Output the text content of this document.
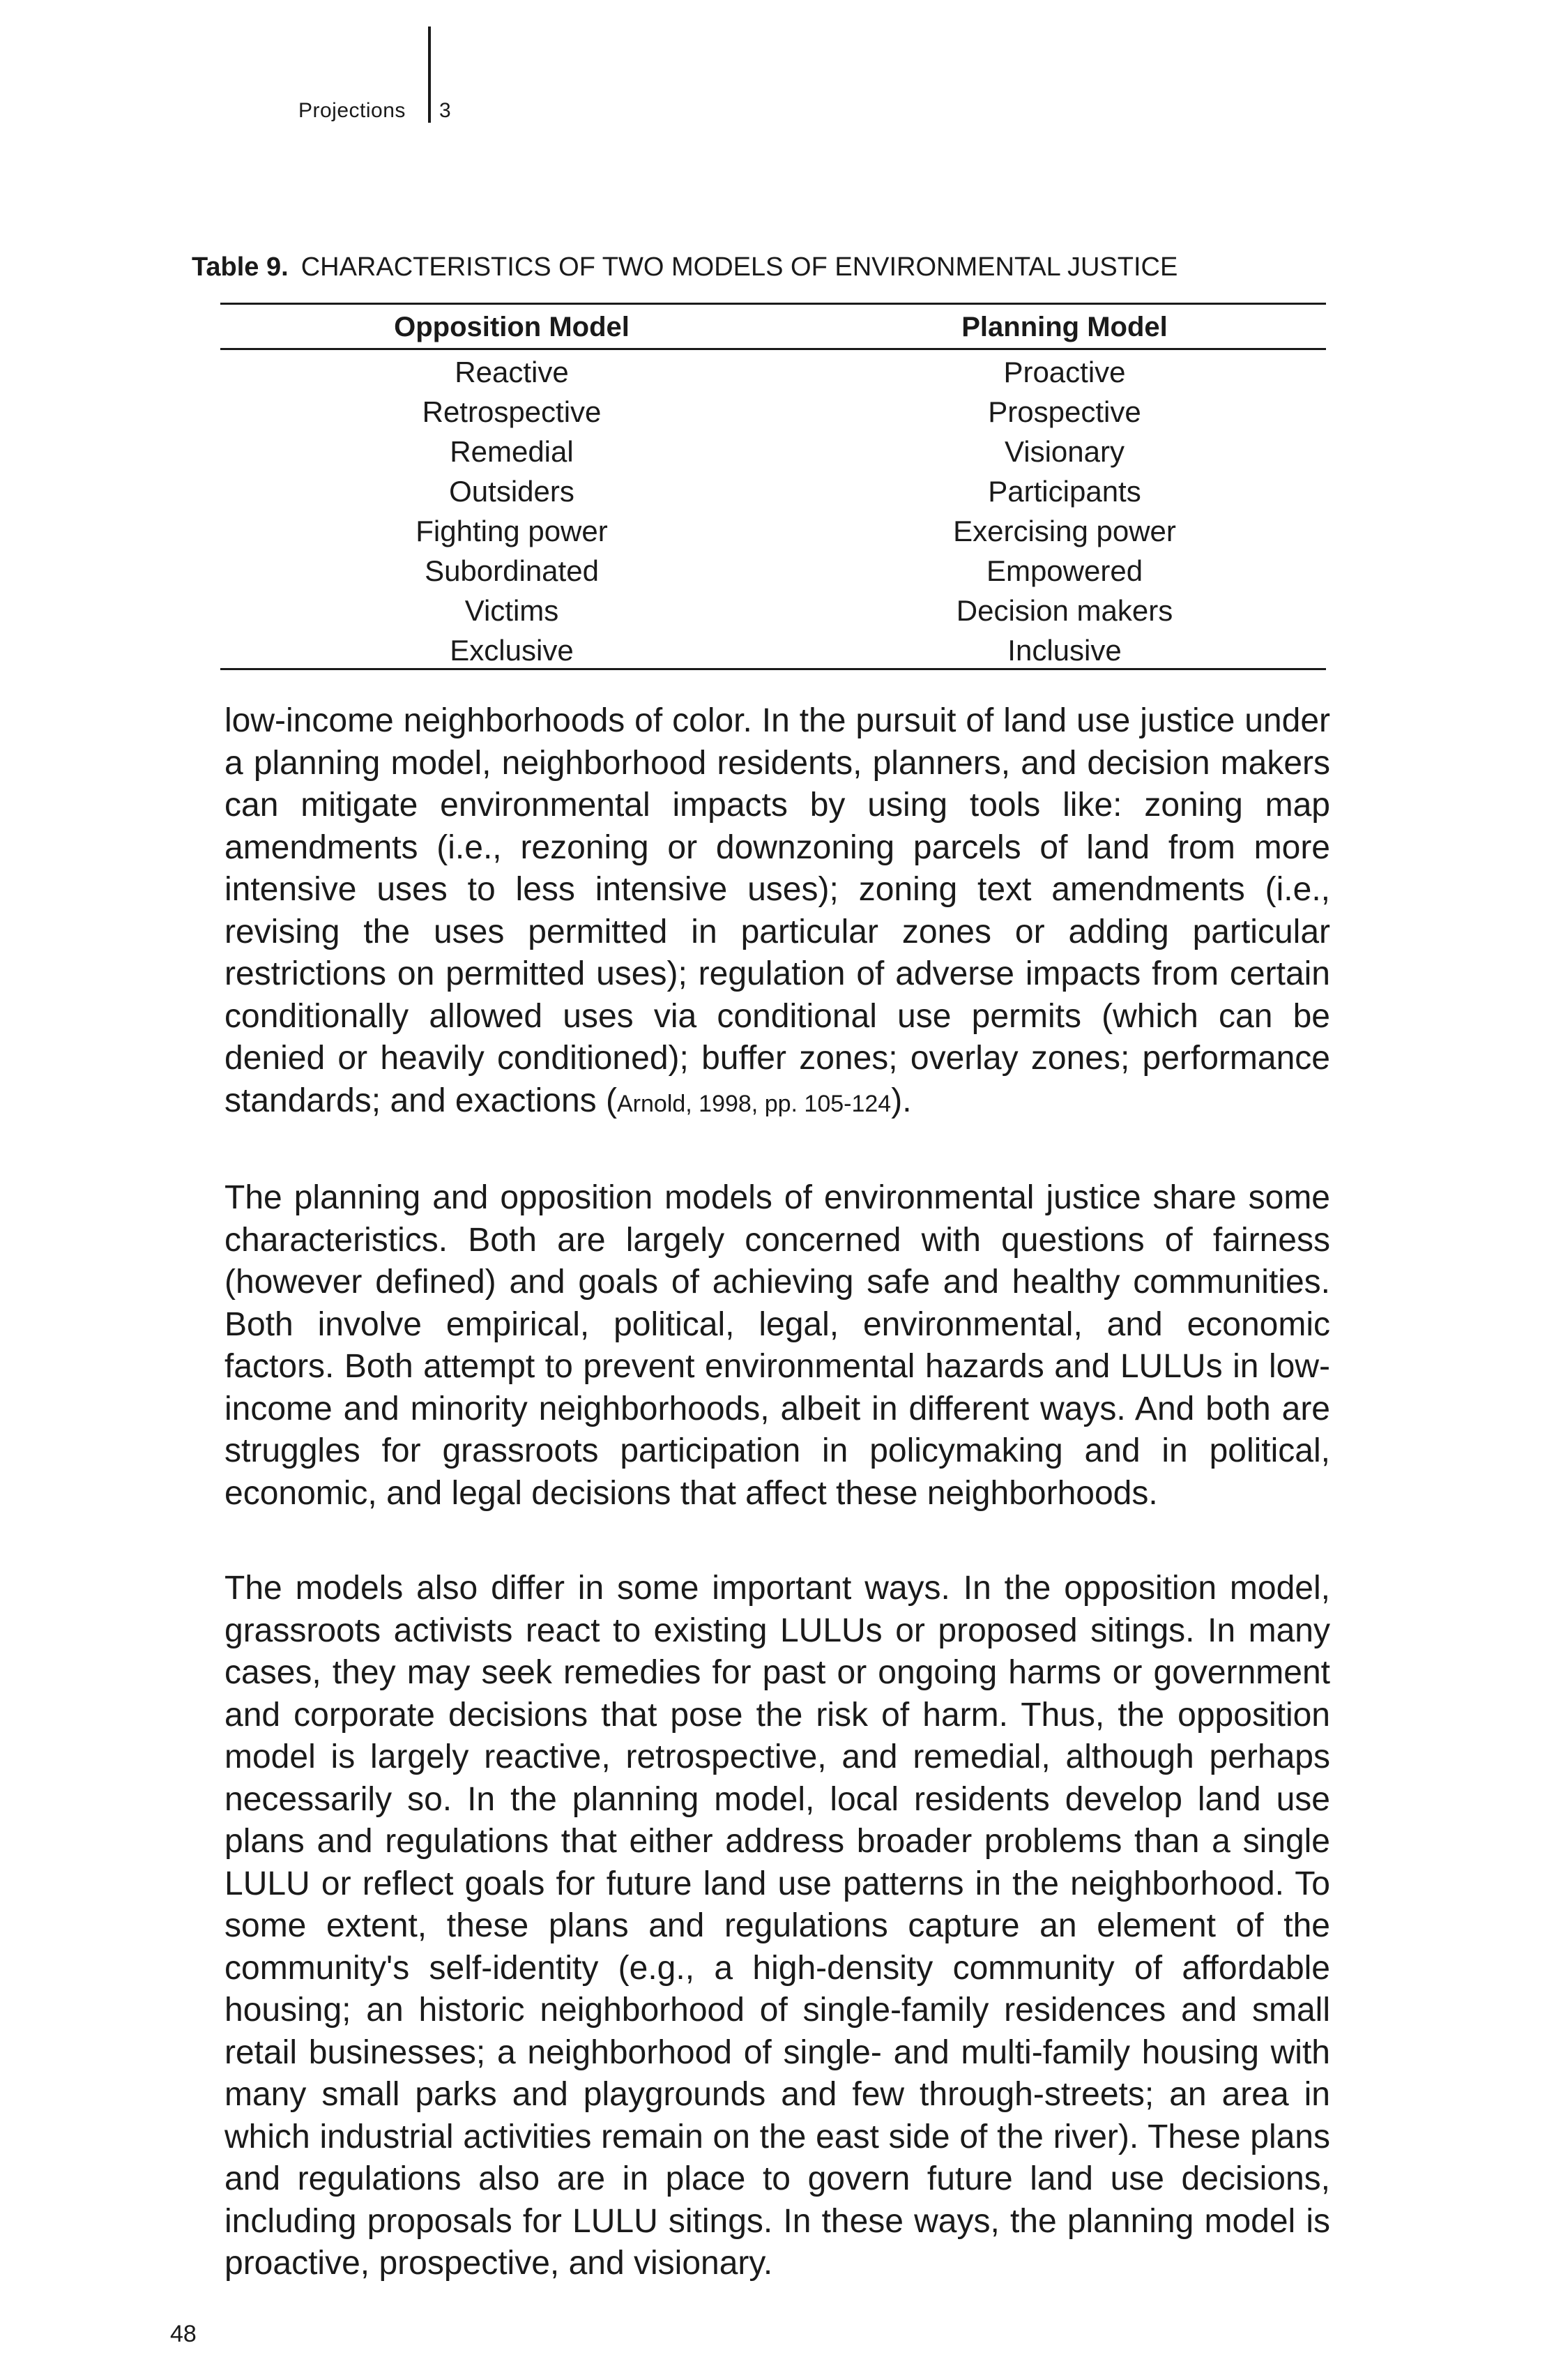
Projections 3
Table 9. CHARACTERISTICS OF TWO MODELS OF ENVIRONMENTAL JUSTICE
Opposition Model	Planning Model
Reactive	Proactive
Retrospective	Prospective
Remedial	Visionary
Outsiders	Participants
Fighting power	Exercising power
Subordinated	Empowered
Victims	Decision makers
Exclusive	Inclusive

low-income neighborhoods of color. In the pursuit of land use justice under a planning model, neighborhood residents, planners, and decision makers can mitigate environmental impacts by using tools like: zoning map amendments (i.e., rezoning or downzoning parcels of land from more intensive uses to less intensive uses); zoning text amendments (i.e., revising the uses permitted in particular zones or adding particular restrictions on permitted uses); regulation of adverse impacts from certain conditionally allowed uses via conditional use permits (which can be denied or heavily conditioned); buffer zones; overlay zones; performance standards; and exactions (Arnold, 1998, pp. 105-124).

The planning and opposition models of environmental justice share some characteristics. Both are largely concerned with questions of fairness (however defined) and goals of achieving safe and healthy communities. Both involve empirical, political, legal, environmental, and economic factors. Both attempt to prevent environmental hazards and LULUs in low-income and minority neighborhoods, albeit in different ways. And both are struggles for grassroots participation in policymaking and in political, economic, and legal decisions that affect these neighborhoods.

The models also differ in some important ways. In the opposition model, grassroots activists react to existing LULUs or proposed sitings. In many cases, they may seek remedies for past or ongoing harms or government and corporate decisions that pose the risk of harm. Thus, the opposition model is largely reactive, retrospective, and remedial, although perhaps necessarily so. In the planning model, local residents develop land use plans and regulations that either address broader problems than a single LULU or reflect goals for future land use patterns in the neighborhood. To some extent, these plans and regulations capture an element of the community's self-identity (e.g., a high-density community of affordable housing; an historic neighborhood of single-family residences and small retail businesses; a neighborhood of single- and multi-family housing with many small parks and playgrounds and few through-streets; an area in which industrial activities remain on the east side of the river). These plans and regulations also are in place to govern future land use decisions, including proposals for LULU sitings. In these ways, the planning model is proactive, prospective, and visionary.

48
